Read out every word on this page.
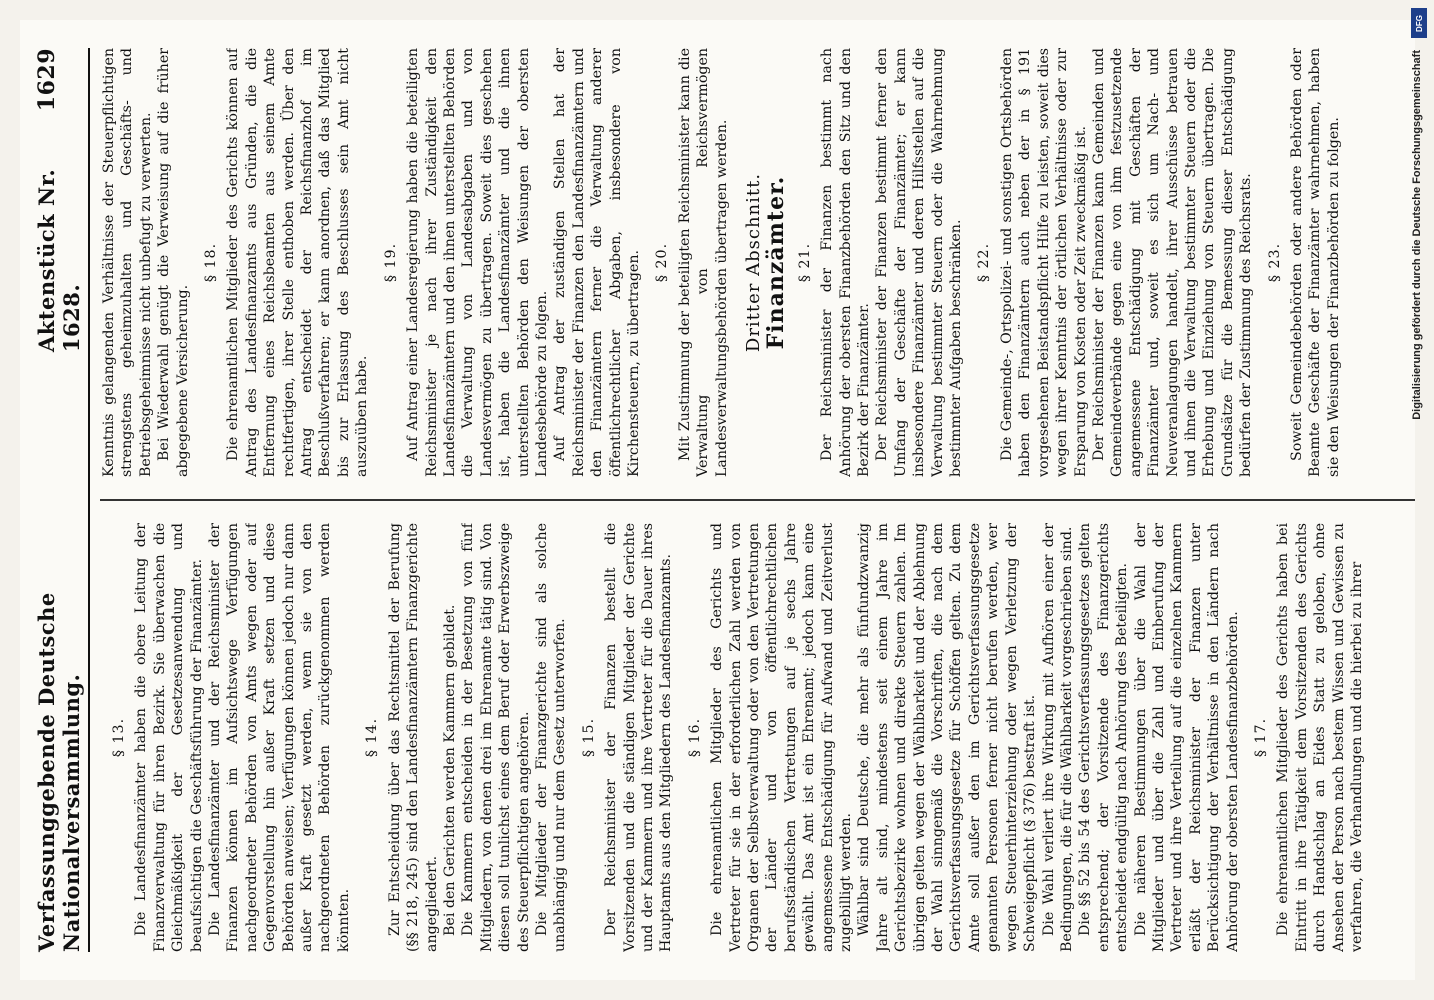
Verfassunggebende Deutsche Nationalversammlung.
Aktenstück Nr. 1628.
1629
§ 13. Die Landesfinanzämter haben die obere Leitung der Finanzverwaltung für ihren Bezirk. Sie überwachen die Gleichmäßigkeit der Gesetzesanwendung und beaufsichtigen die Geschäftsführung der Finanzämter. Die Landesfinanzämter und der Reichsminister der Finanzen können im Aufsichtswege Verfügungen nachgeordneter Behörden von Amts wegen oder auf Gegenvorstellung hin außer Kraft setzen und diese Behörden anweisen; Verfügungen können jedoch nur dann außer Kraft gesetzt werden, wenn sie von den nachgeordneten Behörden zurückgenommen werden könnten.

§ 14. Zur Entscheidung über das Rechtsmittel der Berufung (§§ 218, 245) sind den Landesfinanzämtern Finanzgerichte angegliedert. Bei den Gerichten werden Kammern gebildet. Die Kammern entscheiden in der Besetzung von fünf Mitgliedern, von denen drei im Ehrenamte tätig sind. Von diesen soll tunlichst eines dem Beruf oder Erwerbszweige des Steuerpflichtigen angehören. Die Mitglieder der Finanzgerichte sind als solche unabhängig und nur dem Gesetz unterworfen. § 15. Der Reichsminister der Finanzen bestellt die Vorsitzenden und die ständigen Mitglieder der Gerichte und der Kammern und ihre Vertreter für die Dauer ihres Hauptamts aus den Mitgliedern des Landesfinanzamts. § 16. Die ehrenamtlichen Mitglieder des Gerichts und Vertreter für sie in der erforderlichen Zahl werden von Organen der Selbstverwaltung oder von den Vertretungen der Länder und von öffentlichrechtlichen berufsständischen Vertretungen auf je sechs Jahre gewählt. Das Amt ist ein Ehrenamt; jedoch kann eine angemessene Entschädigung für Aufwand und Zeitverlust zugebilligt werden. Wählbar sind Deutsche, die mehr als fünfundzwanzig Jahre alt sind, mindestens seit einem Jahre im Gerichtsbezirke wohnen und direkte Steuern zahlen. Im übrigen gelten wegen der Wählbarkeit und der Ablehnung der Wahl sinngemäß die Vorschriften, die nach dem Gerichtsverfassungsgesetze für Schöffen gelten. Zu dem Amte soll außer den im Gerichtsverfassungsgesetze genannten Personen ferner nicht berufen werden, wer wegen Steuerhinterziehung oder wegen Verletzung der Schweigepflicht (§ 376) bestraft ist. Die Wahl verliert ihre Wirkung mit Aufhören einer der Bedingungen, die für die Wählbarkeit vorgeschrieben sind. Die §§ 52 bis 54 des Gerichtsverfassungsgesetzes gelten entsprechend; der Vorsitzende des Finanzgerichts entscheidet endgültig nach Anhörung des Beteiligten. Die näheren Bestimmungen über die Wahl der Mitglieder und über die Zahl und Einberufung der Vertreter und ihre Verteilung auf die einzelnen Kammern erläßt der Reichsminister der Finanzen unter Berücksichtigung der Verhältnisse in den Ländern nach Anhörung der obersten Landesfinanzbehörden. § 17. Die ehrenamtlichen Mitglieder des Gerichts haben bei Eintritt in ihre Tätigkeit dem Vorsitzenden des Gerichts durch Handschlag an Eides Statt zu geloben, ohne Ansehen der Person nach bestem Wissen und Gewissen zu verfahren, die Verhandlungen und die hierbei zu ihrer

Kenntnis gelangenden Verhältnisse der Steuerpflichtigen strengstens geheimzuhalten und Geschäfts- und Betriebsgeheimnisse nicht unbefugt zu verwerten. Bei Wiederwahl genügt die Verweisung auf die früher abgegebene Versicherung.

§ 18. Die ehrenamtlichen Mitglieder des Gerichts können auf Antrag des Landesfinanzamts aus Gründen, die die Entfernung eines Reichsbeamten aus seinem Amte rechtfertigen, ihrer Stelle enthoben werden. Über den Antrag entscheidet der Reichsfinanzhof im Beschlußverfahren; er kann anordnen, daß das Mitglied bis zur Erlassung des Beschlusses sein Amt nicht auszuüben habe.

§ 19. Auf Antrag einer Landesregierung haben die beteiligten Reichsminister je nach ihrer Zuständigkeit den Landesfinanzämtern und den ihnen unterstellten Behörden die Verwaltung von Landesabgaben und von Landesvermögen zu übertragen. Soweit dies geschehen ist, haben die Landesfinanzämter und die ihnen unterstellten Behörden den Weisungen der obersten Landesbehörde zu folgen. Auf Antrag der zuständigen Stellen hat der Reichsminister der Finanzen den Landesfinanzämtern und den Finanzämtern ferner die Verwaltung anderer öffentlichrechtlicher Abgaben, insbesondere von Kirchensteuern, zu übertragen. § 20. Mit Zustimmung der beteiligten Reichsminister kann die Verwaltung von Reichsvermögen Landesverwaltungsbehörden übertragen werden. Dritter Abschnitt. Finanzämter. § 21. Der Reichsminister der Finanzen bestimmt nach Anhörung der obersten Finanzbehörden den Sitz und den Bezirk der Finanzämter. Der Reichsminister der Finanzen bestimmt ferner den Umfang der Geschäfte der Finanzämter; er kann insbesondere Finanzämter und deren Hilfsstellen auf die Verwaltung bestimmter Steuern oder die Wahrnehmung bestimmter Aufgaben beschränken. § 22. Die Gemeinde-, Ortspolizei- und sonstigen Ortsbehörden haben den Finanzämtern auch neben der in § 191 vorgesehenen Beistandspflicht Hilfe zu leisten, soweit dies wegen ihrer Kenntnis der örtlichen Verhältnisse oder zur Ersparung von Kosten oder Zeit zweckmäßig ist. Der Reichsminister der Finanzen kann Gemeinden und Gemeindeverbände gegen eine von ihm festzusetzende angemessene Entschädigung mit Geschäften der Finanzämter und, soweit es sich um Nach- und Neuveranlagungen handelt, ihrer Ausschüsse betrauen und ihnen die Verwaltung bestimmter Steuern oder die Erhebung und Einziehung von Steuern übertragen. Die Grundsätze für die Bemessung dieser Entschädigung bedürfen der Zustimmung des Reichsrats. § 23. Soweit Gemeindebehörden oder andere Behörden oder Beamte Geschäfte der Finanzämter wahrnehmen, haben sie den Weisungen der Finanzbehörden zu folgen.

DFG
Digitalisierung gefördert durch die Deutsche Forschungsgemeinschaft
